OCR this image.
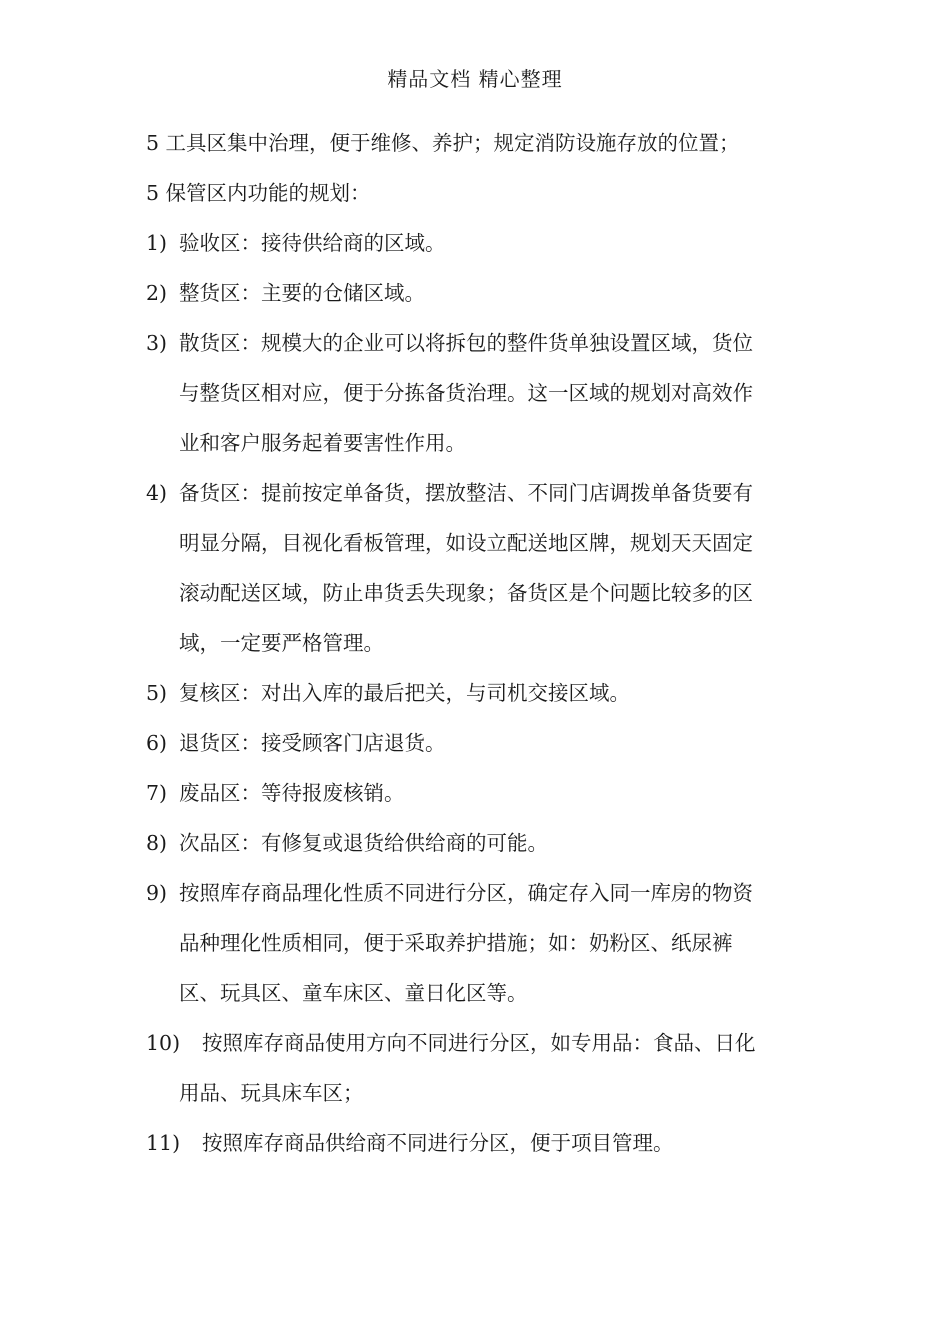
精品文档 精心整理
5 工具区集中治理，便于维修、养护；规定消防设施存放的位置；
5 保管区内功能的规划：
1) 验收区：接待供给商的区域。
2) 整货区：主要的仓储区域。
3) 散货区：规模大的企业可以将拆包的整件货单独设置区域，货位
与整货区相对应，便于分拣备货治理。这一区域的规划对高效作
业和客户服务起着要害性作用。
4) 备货区：提前按定单备货，摆放整洁、不同门店调拨单备货要有
明显分隔，目视化看板管理，如设立配送地区牌，规划天天固定
滚动配送区域，防止串货丢失现象；备货区是个问题比较多的区
域，一定要严格管理。
5) 复核区：对出入库的最后把关，与司机交接区域。
6) 退货区：接受顾客门店退货。
7) 废品区：等待报废核销。
8) 次品区：有修复或退货给供给商的可能。
9) 按照库存商品理化性质不同进行分区，确定存入同一库房的物资
品种理化性质相同，便于采取养护措施；如：奶粉区、纸尿裤
区、玩具区、童车床区、童日化区等。
10)	按照库存商品使用方向不同进行分区，如专用品：食品、日化
用品、玩具床车区；
11)	按照库存商品供给商不同进行分区，便于项目管理。
